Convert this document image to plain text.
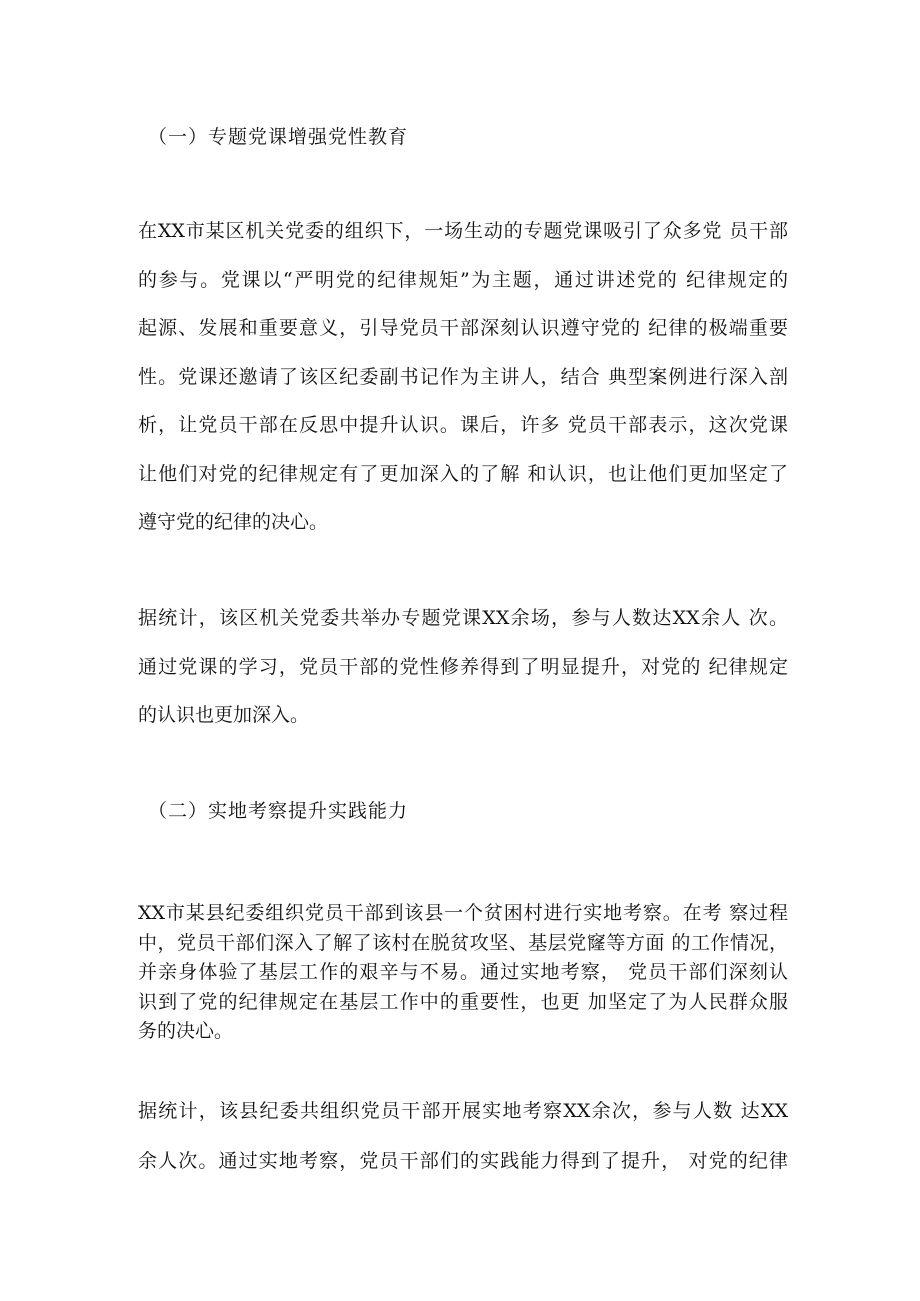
（一）专题党课增强党性教育

在XX市某区机关党委的组织下，一场生动的专题党课吸引了众多党 员干部
的参与。党课以“严明党的纪律规矩”为主题，通过讲述党的 纪律规定的
起源、发展和重要意义，引导党员干部深刻认识遵守党的 纪律的极端重要
性。党课还邀请了该区纪委副书记作为主讲人，结合 典型案例进行深入剖
析，让党员干部在反思中提升认识。课后，许多 党员干部表示，这次党课
让他们对党的纪律规定有了更加深入的了解 和认识，也让他们更加坚定了
遵守党的纪律的决心。

据统计，该区机关党委共举办专题党课XX余场，参与人数达XX余人 次。
通过党课的学习，党员干部的党性修养得到了明显提升，对党的 纪律规定
的认识也更加深入。

（二）实地考察提升实践能力

XX市某县纪委组织党员干部到该县一个贫困村进行实地考察。在考 察过程
中，党员干部们深入了解了该村在脱贫攻坚、基层党窿等方面 的工作情况，
并亲身体验了基层工作的艰辛与不易。通过实地考察， 党员干部们深刻认
识到了党的纪律规定在基层工作中的重要性，也更 加坚定了为人民群众服
务的决心。

据统计，该县纪委共组织党员干部开展实地考察XX余次，参与人数 达XX
余人次。通过实地考察，党员干部们的实践能力得到了提升， 对党的纪律
